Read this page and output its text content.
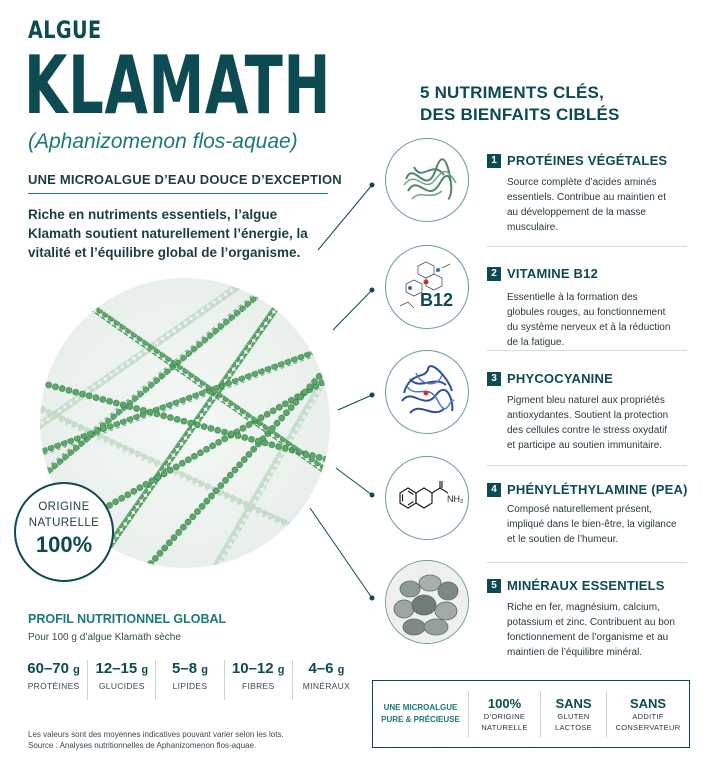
ALGUE
KLAMATH
(Aphanizomenon flos-aquae)
UNE MICROALGUE D’EAU DOUCE D’EXCEPTION
Riche en nutriments essentiels, l’algue Klamath soutient naturellement l’énergie, la vitalité et l’équilibre global de l’organisme.
ORIGINE
NATURELLE
100%
PROFIL NUTRITIONNEL GLOBAL
Pour 100 g d’algue Klamath sèche
60–70 g
PROTÉINES
12–15 g
GLUCIDES
5–8 g
LIPIDES
10–12 g
FIBRES
4–6 g
MINÉRAUX
Les valeurs sont des moyennes indicatives pouvant varier selon les lots.
Source : Analyses nutritionnelles de Aphanizomenon flos-aquae.
5 NUTRIMENTS CLÉS,
DES BIENFAITS CIBLÉS
1 PROTÉINES VÉGÉTALES
Source complète d’acides aminés essentiels. Contribue au maintien et au développement de la masse musculaire.
B12
2 VITAMINE B12
Essentielle à la formation des globules rouges, au fonctionnement du système nerveux et à la réduction de la fatigue.
3 PHYCOCYANINE
Pigment bleu naturel aux propriétés antioxydantes. Soutient la protection des cellules contre le stress oxydatif et participe au soutien immunitaire.
NH₂
4 PHÉNYLÉTHYLAMINE (PEA)
Composé naturellement présent, impliqué dans le bien-être, la vigilance et le soutien de l’humeur.
5 MINÉRAUX ESSENTIELS
Riche en fer, magnésium, calcium, potassium et zinc. Contribuent au bon fonctionnement de l’organisme et au maintien de l’équilibre minéral.
UNE MICROALGUE
PURE & PRÉCIEUSE
100%
D’ORIGINE
NATURELLE
SANS
GLUTEN
LACTOSE
SANS
ADDITIF
CONSERVATEUR
